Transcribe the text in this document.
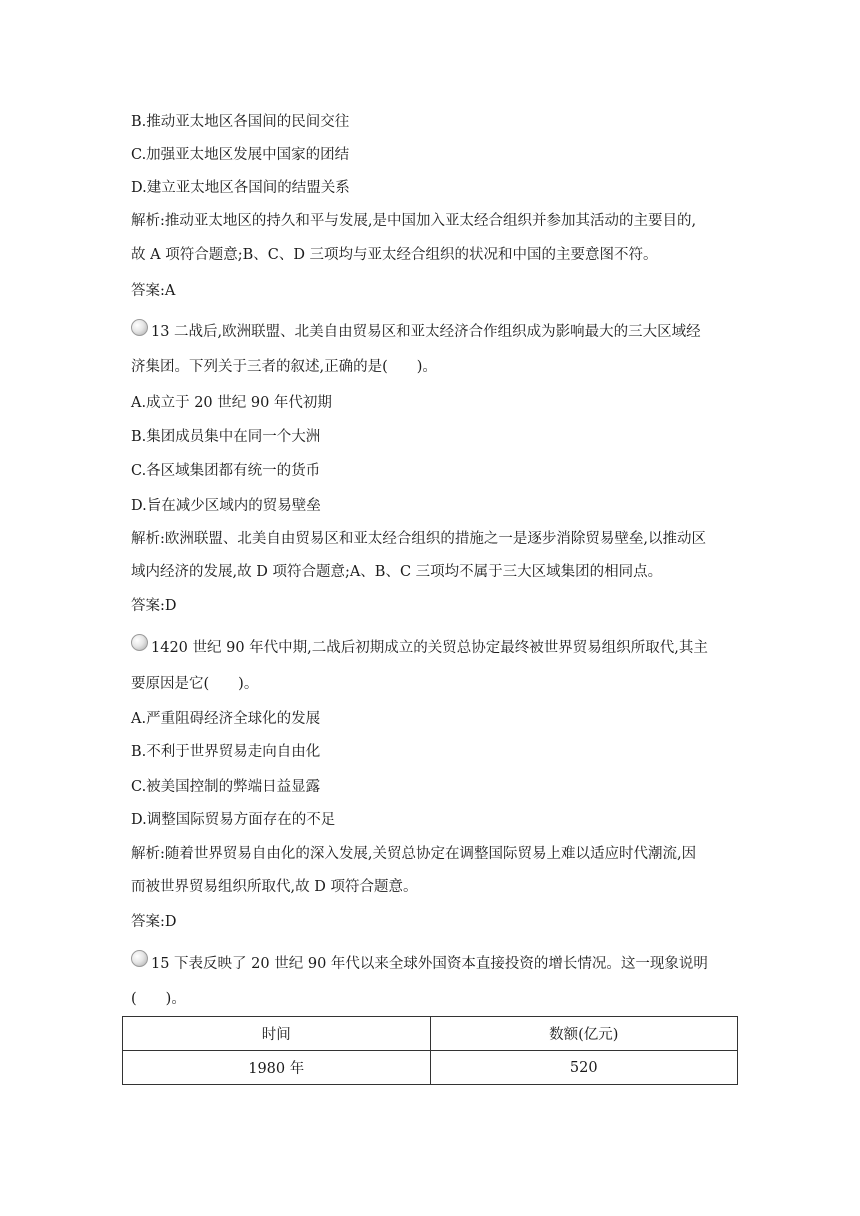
B.推动亚太地区各国间的民间交往
C.加强亚太地区发展中国家的团结
D.建立亚太地区各国间的结盟关系
解析:推动亚太地区的持久和平与发展,是中国加入亚太经合组织并参加其活动的主要目的,
故 A 项符合题意;B、C、D 三项均与亚太经合组织的状况和中国的主要意图不符。
答案:A
13 二战后,欧洲联盟、北美自由贸易区和亚太经济合作组织成为影响最大的三大区域经
济集团。下列关于三者的叙述,正确的是(　　)。
A.成立于 20 世纪 90 年代初期
B.集团成员集中在同一个大洲
C.各区域集团都有统一的货币
D.旨在减少区域内的贸易壁垒
解析:欧洲联盟、北美自由贸易区和亚太经合组织的措施之一是逐步消除贸易壁垒,以推动区
域内经济的发展,故 D 项符合题意;A、B、C 三项均不属于三大区域集团的相同点。
答案:D
1420 世纪 90 年代中期,二战后初期成立的关贸总协定最终被世界贸易组织所取代,其主
要原因是它(　　)。
A.严重阻碍经济全球化的发展
B.不利于世界贸易走向自由化
C.被美国控制的弊端日益显露
D.调整国际贸易方面存在的不足
解析:随着世界贸易自由化的深入发展,关贸总协定在调整国际贸易上难以适应时代潮流,因
而被世界贸易组织所取代,故 D 项符合题意。
答案:D
15 下表反映了 20 世纪 90 年代以来全球外国资本直接投资的增长情况。这一现象说明
(　　)。
时间	数额(亿元)
1980 年	520
